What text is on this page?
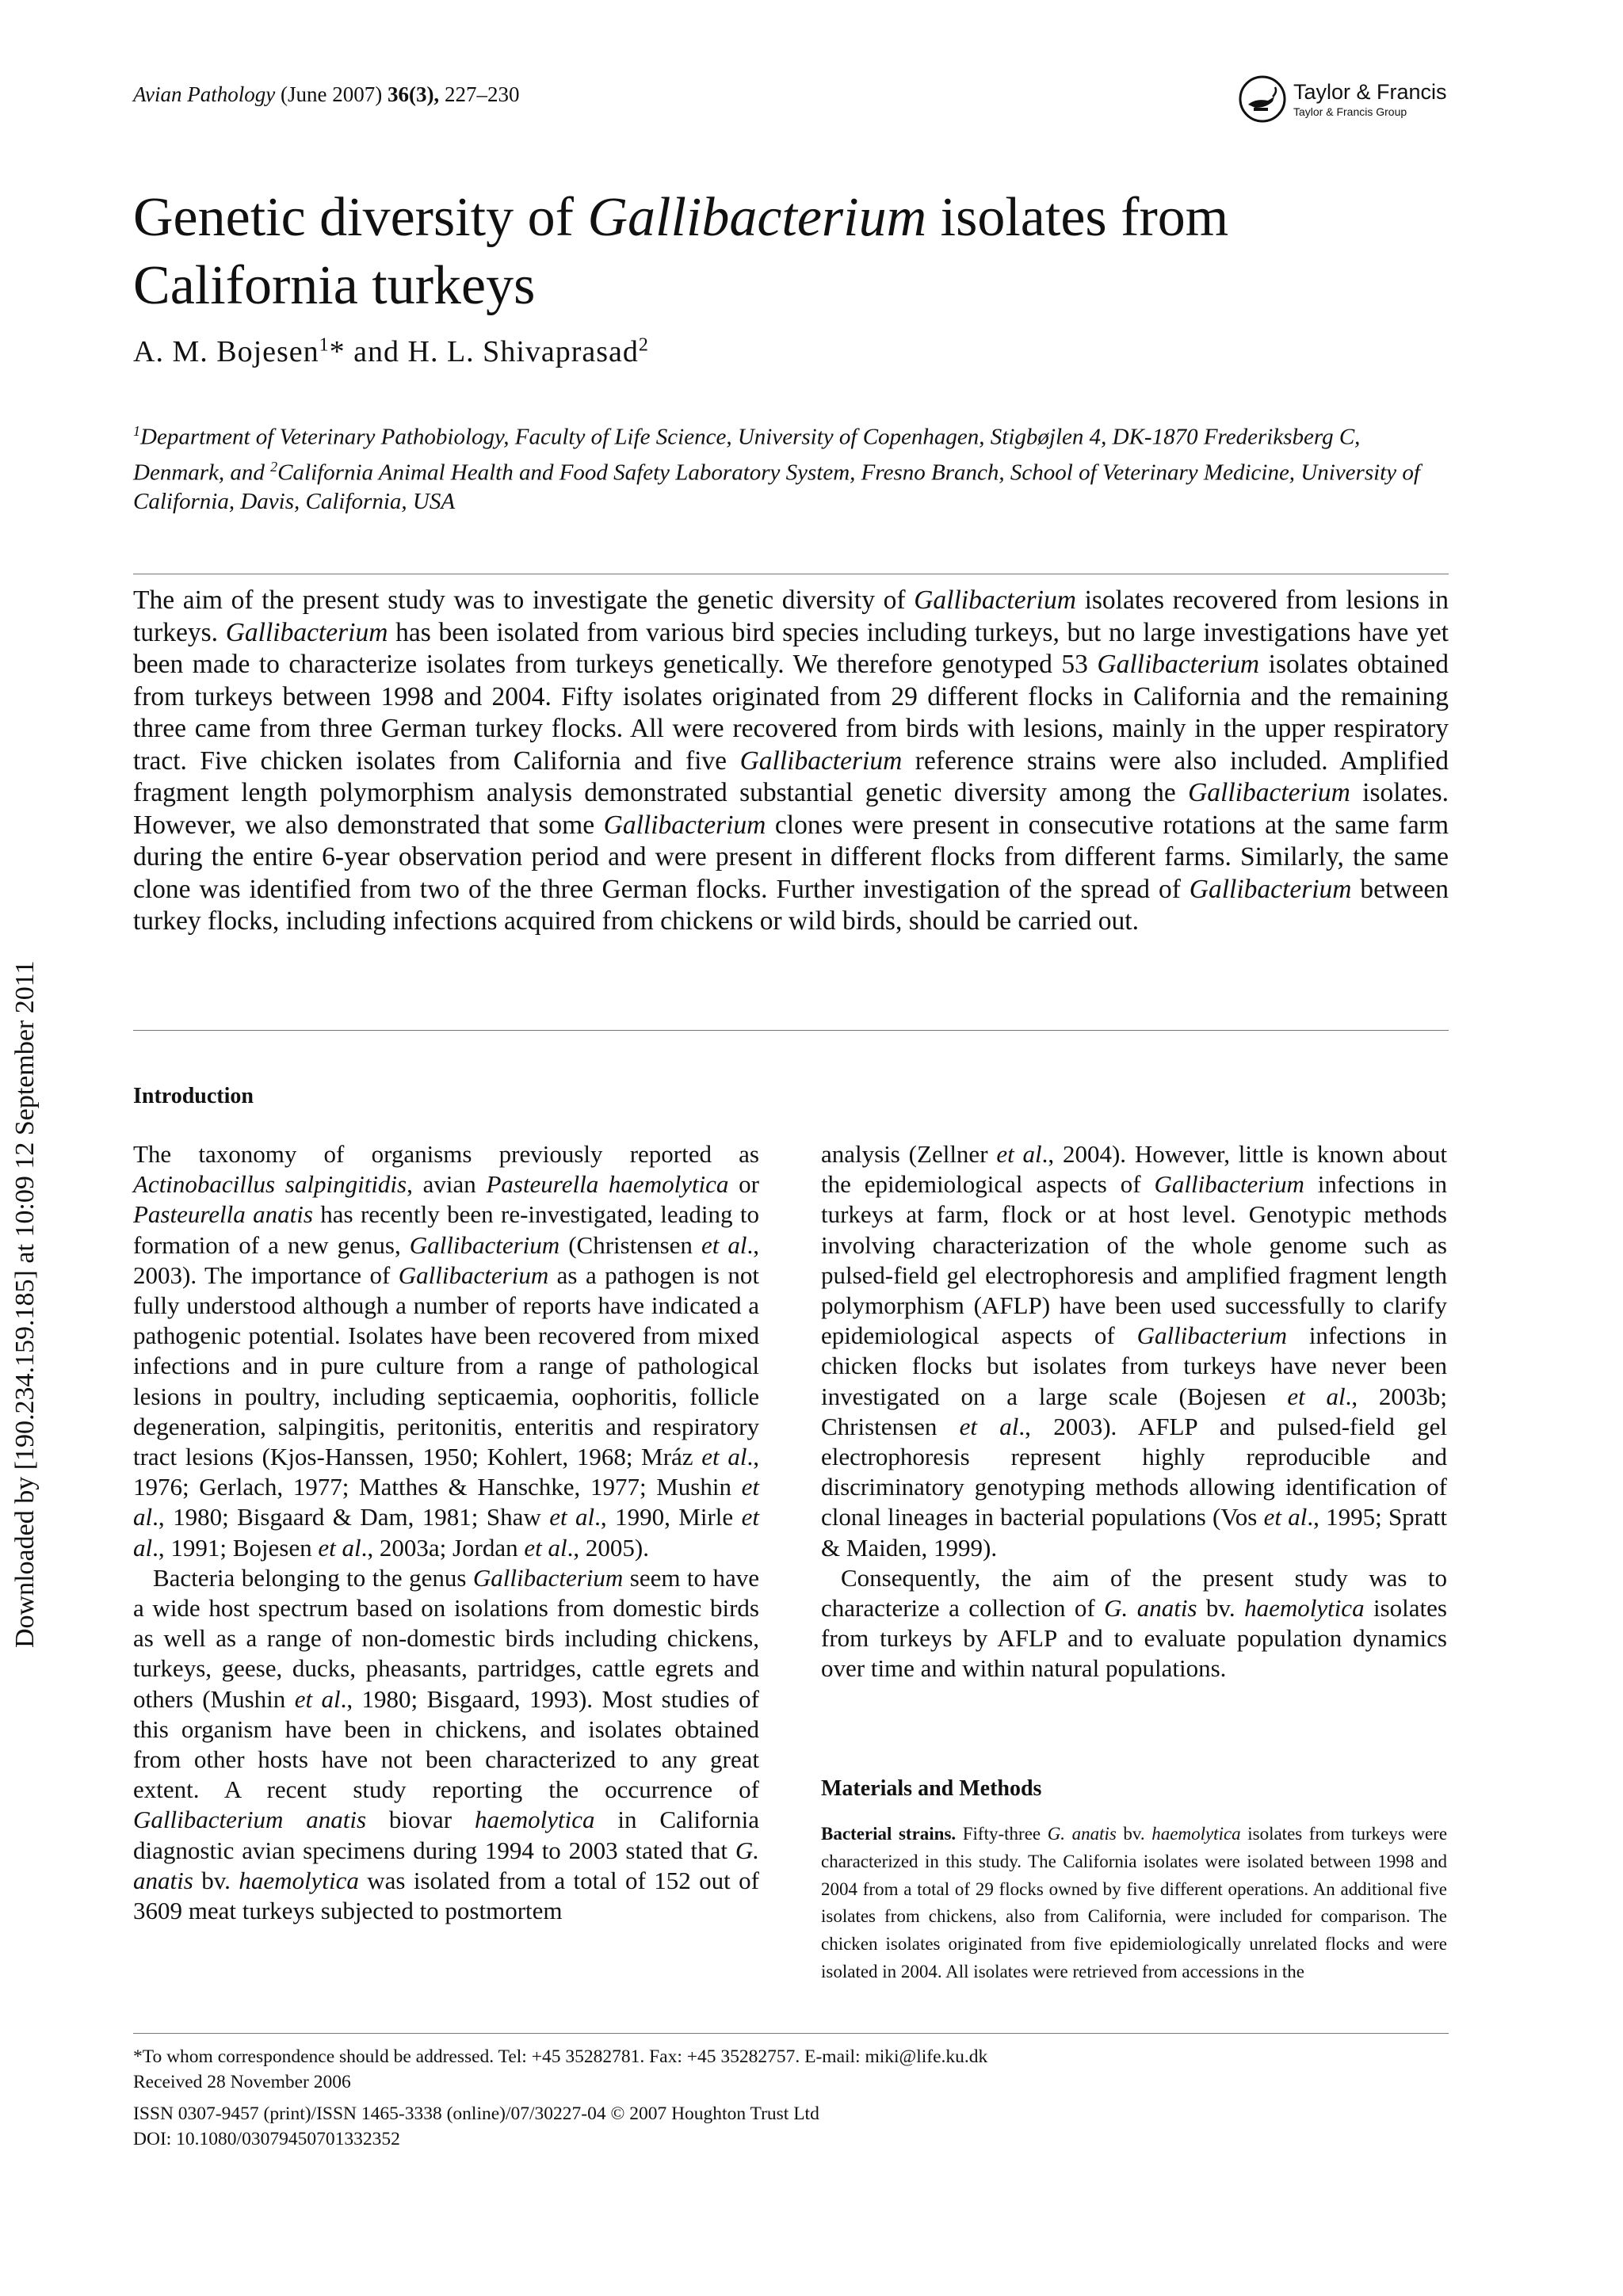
Avian Pathology (June 2007) 36(3), 227–230	Taylor & Francis
Taylor & Francis Group
Genetic diversity of Gallibacterium isolates from California turkeys
A. M. Bojesen$^1$* and H. L. Shivaprasad$^2$
$^1$Department of Veterinary Pathobiology, Faculty of Life Science, University of Copenhagen, Stigbøjlen 4, DK-1870 Frederiksberg C, Denmark, and $^2$California Animal Health and Food Safety Laboratory System, Fresno Branch, School of Veterinary Medicine, University of California, Davis, California, USA

The aim of the present study was to investigate the genetic diversity of Gallibacterium isolates recovered from lesions in turkeys. Gallibacterium has been isolated from various bird species including turkeys, but no large investigations have yet been made to characterize isolates from turkeys genetically. We therefore genotyped 53 Gallibacterium isolates obtained from turkeys between 1998 and 2004. Fifty isolates originated from 29 different flocks in California and the remaining three came from three German turkey flocks. All were recovered from birds with lesions, mainly in the upper respiratory tract. Five chicken isolates from California and five Gallibacterium reference strains were also included. Amplified fragment length polymorphism analysis demonstrated substantial genetic diversity among the Gallibacterium isolates. However, we also demonstrated that some Gallibacterium clones were present in consecutive rotations at the same farm during the entire 6-year observation period and were present in different flocks from different farms. Similarly, the same clone was identified from two of the three German flocks. Further investigation of the spread of Gallibacterium between turkey flocks, including infections acquired from chickens or wild birds, should be carried out.

Introduction

The taxonomy of organisms previously reported as Actinobacillus salpingitidis, avian Pasteurella haemolytica or Pasteurella anatis has recently been re-investigated, leading to formation of a new genus, Gallibacterium (Christensen et al., 2003). The importance of Gallibacterium as a pathogen is not fully understood although a number of reports have indicated a pathogenic potential. Isolates have been recovered from mixed infections and in pure culture from a range of pathological lesions in poultry, including septicaemia, oophoritis, follicle degeneration, salpingitis, peritonitis, enteritis and respiratory tract lesions (Kjos-Hanssen, 1950; Kohlert, 1968; Mráz et al., 1976; Gerlach, 1977; Matthes & Hanschke, 1977; Mushin et al., 1980; Bisgaard & Dam, 1981; Shaw et al., 1990, Mirle et al., 1991; Bojesen et al., 2003a; Jordan et al., 2005).

Bacteria belonging to the genus Gallibacterium seem to have a wide host spectrum based on isolations from domestic birds as well as a range of non-domestic birds including chickens, turkeys, geese, ducks, pheasants, partridges, cattle egrets and others (Mushin et al., 1980; Bisgaard, 1993). Most studies of this organism have been in chickens, and isolates obtained from other hosts have not been characterized to any great extent. A recent study reporting the occurrence of Gallibacterium anatis biovar haemolytica in California diagnostic avian specimens during 1994 to 2003 stated that G. anatis bv. haemolytica was isolated from a total of 152 out of 3609 meat turkeys subjected to postmortem

analysis (Zellner et al., 2004). However, little is known about the epidemiological aspects of Gallibacterium infections in turkeys at farm, flock or at host level. Genotypic methods involving characterization of the whole genome such as pulsed-field gel electrophoresis and amplified fragment length polymorphism (AFLP) have been used successfully to clarify epidemiological aspects of Gallibacterium infections in chicken flocks but isolates from turkeys have never been investigated on a large scale (Bojesen et al., 2003b; Christensen et al., 2003). AFLP and pulsed-field gel electrophoresis represent highly reproducible and discriminatory genotyping methods allowing identification of clonal lineages in bacterial populations (Vos et al., 1995; Spratt & Maiden, 1999).

Consequently, the aim of the present study was to characterize a collection of G. anatis bv. haemolytica isolates from turkeys by AFLP and to evaluate population dynamics over time and within natural populations.

Materials and Methods

Bacterial strains. Fifty-three G. anatis bv. haemolytica isolates from turkeys were characterized in this study. The California isolates were isolated between 1998 and 2004 from a total of 29 flocks owned by five different operations. An additional five isolates from chickens, also from California, were included for comparison. The chicken isolates originated from five epidemiologically unrelated flocks and were isolated in 2004. All isolates were retrieved from accessions in the

*To whom correspondence should be addressed. Tel: +45 35282781. Fax: +45 35282757. E-mail: miki@life.ku.dk
Received 28 November 2006
ISSN 0307-9457 (print)/ISSN 1465-3338 (online)/07/30227-04 © 2007 Houghton Trust Ltd
DOI: 10.1080/03079450701332352
Downloaded by [190.234.159.185] at 10:09 12 September 2011
